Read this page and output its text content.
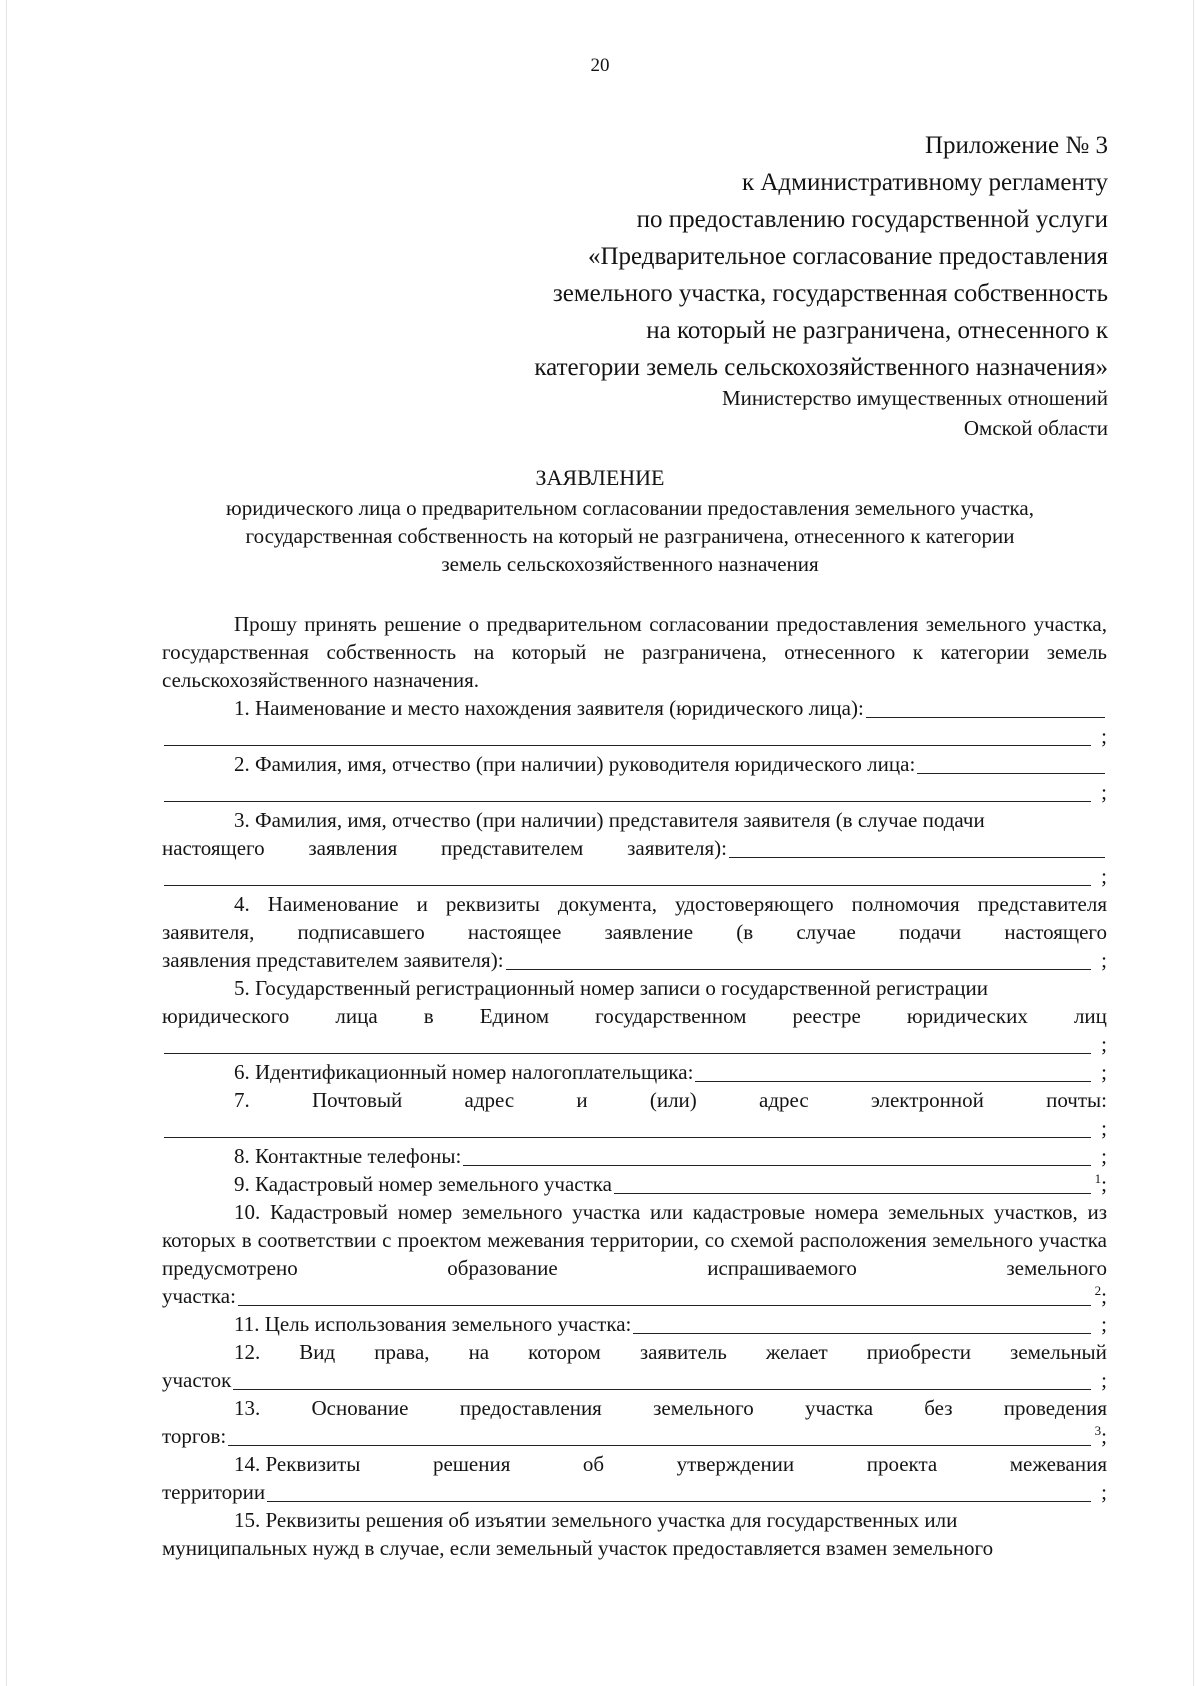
20
Приложение № 3
к Административному регламенту
по предоставлению государственной услуги
«Предварительное согласование предоставления
земельного участка, государственная собственность
на который не разграничена, отнесенного к
категории земель сельскохозяйственного назначения»
Министерство имущественных отношений
Омской области
ЗАЯВЛЕНИЕ
юридического лица о предварительном согласовании предоставления земельного участка,
государственная собственность на который не разграничена, отнесенного к категории
земель сельскохозяйственного назначения

Прошу принять решение о предварительном согласовании предоставления земельного участка, государственная собственность на который не разграничена, отнесенного к категории земель сельскохозяйственного назначения.

1. Наименование и место нахождения заявителя (юридического лица):
;
2. Фамилия, имя, отчество (при наличии) руководителя юридического лица:
;
3. Фамилия, имя, отчество (при наличии) представителя заявителя (в случае подачи
настоящего заявления представителем заявителя):
;

4. Наименование и реквизиты документа, удостоверяющего полномочия представителя заявителя, подписавшего настоящее заявление (в случае подачи настоящего

заявления представителем заявителя):	;
5. Государственный регистрационный номер записи о государственной регистрации
юридического лица в Едином государственном реестре юридических лиц
;
6. Идентификационный номер налогоплательщика:	;
7.	Почтовый	адрес	и	(или)	адрес	электронной	почты:
;
8. Контактные телефоны:	;
9. Кадастровый номер земельного участка	$^1$;

10. Кадастровый номер земельного участка или кадастровые номера земельных участков, из которых в соответствии с проектом межевания территории, со схемой расположения земельного участка предусмотрено образование испрашиваемого земельного

участка:	$^2$;
11. Цель использования земельного участка:	;
12. Вид права, на котором заявитель желает приобрести земельный
участок	;
13. Основание предоставления земельного участка без проведения
торгов:	$^3$;
14. Реквизиты	решения	об	утверждении	проекта	межевания
территории	;
15. Реквизиты решения об изъятии земельного участка для государственных или
муниципальных нужд в случае, если земельный участок предоставляется взамен земельного
